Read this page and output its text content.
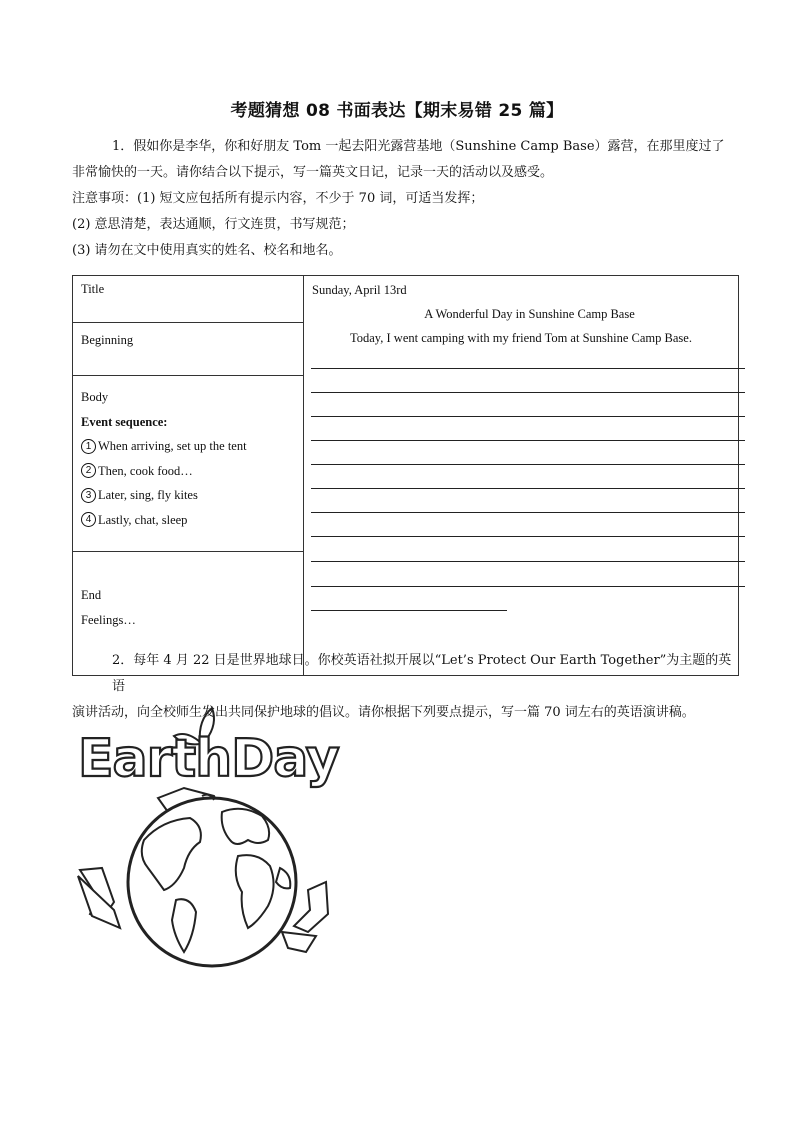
考题猜想 08 书面表达【期末易错 25 篇】
1．假如你是李华，你和好朋友 Tom 一起去阳光露营基地（Sunshine Camp Base）露营，在那里度过了
非常愉快的一天。请你结合以下提示，写一篇英文日记，记录一天的活动以及感受。
注意事项：(1) 短文应包括所有提示内容，不少于 70 词，可适当发挥；
(2) 意思清楚，表达通顺，行文连贯，书写规范；
(3) 请勿在文中使用真实的姓名、校名和地名。
Title	Sunday, April 13rd
A Wonderful Day in Sunshine Camp Base
Today, I went camping with my friend Tom at Sunshine Camp Base.

Beginning

Body
Event sequence:
1 When arriving, set up the tent
2 Then, cook food…
3 Later, sing, fly kites
4 Lastly, chat, sleep

End
Feelings…
2．每年 4 月 22 日是世界地球日。你校英语社拟开展以“Let’s Protect Our Earth Together”为主题的英语
演讲活动，向全校师生发出共同保护地球的倡议。请你根据下列要点提示，写一篇 70 词左右的英语演讲稿。
EarthDay
